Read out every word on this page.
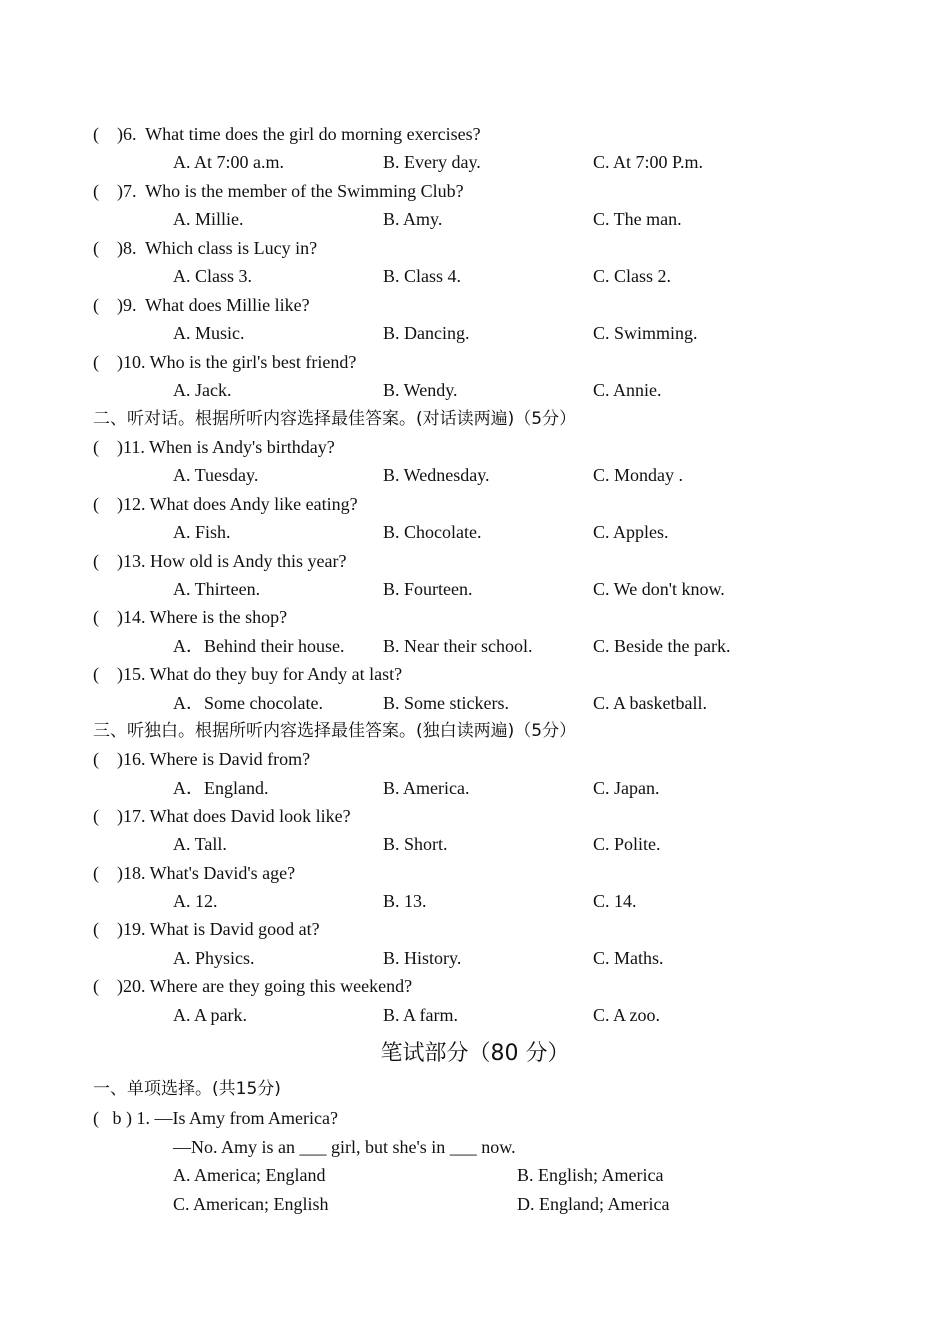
(    )6.  What time does the girl do morning exercises?
A. At 7:00 a.m.	B. Every day.	C. At 7:00 P.m.
(    )7.  Who is the member of the Swimming Club?
A. Millie.	B. Amy.	C. The man.
(    )8.  Which class is Lucy in?
A. Class 3.	B. Class 4.	C. Class 2.
(    )9.  What does Millie like?
A. Music.	B. Dancing.	C. Swimming.
(    )10. Who is the girl's best friend?
A. Jack.	B. Wendy.	C. Annie.
二、听对话。根据所听内容选择最佳答案。(对话读两遍)（5分）
(    )11. When is Andy's birthday?
A. Tuesday.	B. Wednesday.	C. Monday .
(    )12. What does Andy like eating?
A. Fish.	B. Chocolate.	C. Apples.
(    )13. How old is Andy this year?
A. Thirteen.	B. Fourteen.	C. We don't know.
(    )14. Where is the shop?
A．Behind their house. B. Near their school.	C. Beside the park.
(    )15. What do they buy for Andy at last?
A．Some chocolate.	B. Some stickers.	C. A basketball.
三、听独白。根据所听内容选择最佳答案。(独白读两遍)（5分）
(    )16. Where is David from?
A．England.	B. America.	C. Japan.
(    )17. What does David look like?
A. Tall.	B. Short.	C. Polite.
(    )18. What's David's age?
A. 12.	B. 13.	C. 14.
(    )19. What is David good at?
A. Physics.	B. History.	C. Maths.
(    )20. Where are they going this weekend?
A. A park.	B. A farm.	C. A zoo.
笔试部分（80 分）
一、单项选择。(共15分)
(   b ) 1. —Is Amy from America?
—No. Amy is an ___ girl, but she's in ___ now.
A. America; England	B. English; America
C. American; English	D. England; America
